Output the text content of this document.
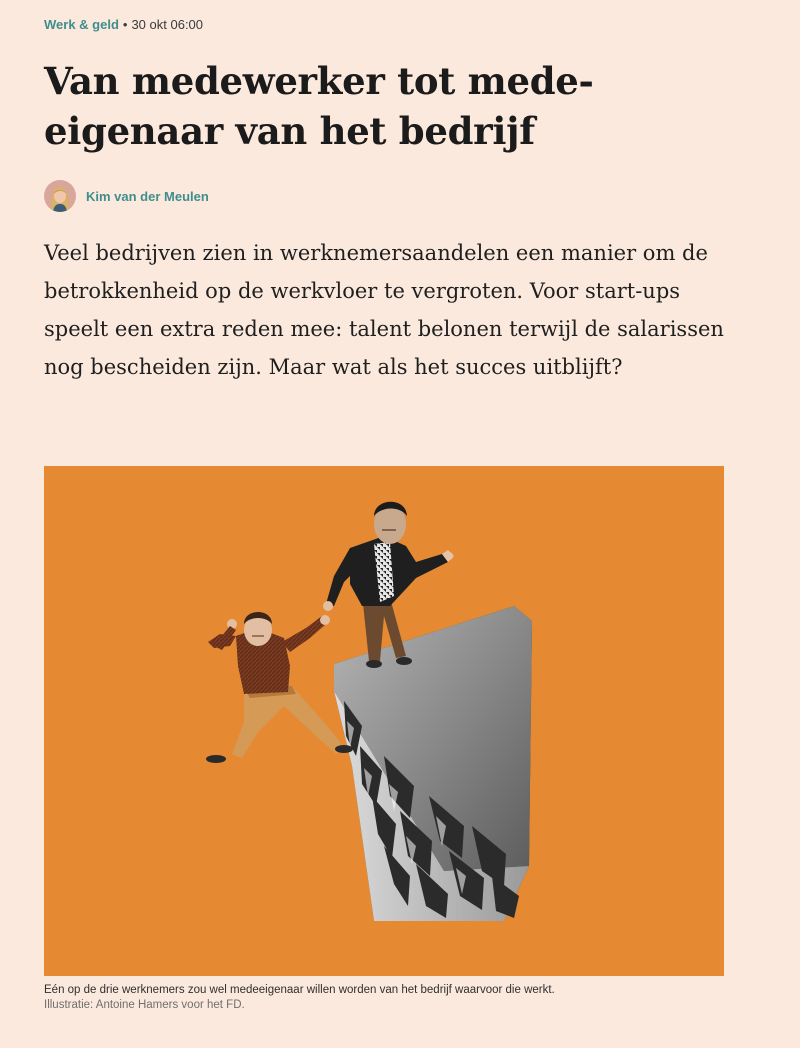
Werk & geld • 30 okt 06:00
Van medewerker tot mede-eigenaar van het bedrijf
Kim van der Meulen

Veel bedrijven zien in werknemersaandelen een manier om de betrokkenheid op de werkvloer te vergroten. Voor start-ups speelt een extra reden mee: talent belonen terwijl de salarissen nog bescheiden zijn. Maar wat als het succes uitblijft?

Eén op de drie werknemers zou wel medeeigenaar willen worden van het bedrijf waarvoor die werkt.
Illustratie: Antoine Hamers voor het FD.
